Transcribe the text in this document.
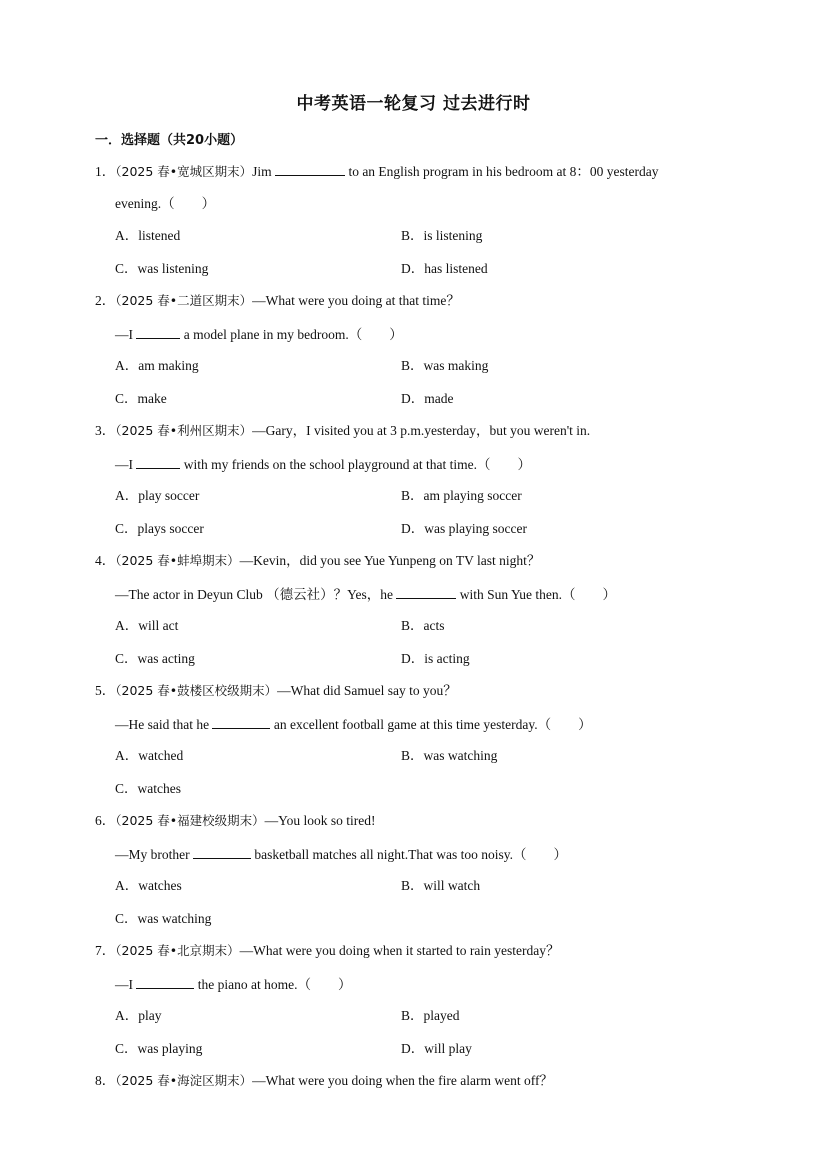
中考英语一轮复习 过去进行时
一．选择题（共20小题）
1．（2025 春•宽城区期末）Jim	to an English program in his bedroom at 8：00 yesterday
evening.（　　）
A．listened	B．is listening
C．was listening	D．has listened
2．（2025 春•二道区期末）—What were you doing at that time？
—I	a model plane in my bedroom.（　　）
A．am making	B．was making
C．make	D．made
3．（2025 春•利州区期末）—Gary，I visited you at 3 p.m.yesterday，but you weren't in.
—I	with my friends on the school playground at that time.（　　）
A．play soccer	B．am playing soccer
C．plays soccer	D．was playing soccer
4．（2025 春•蚌埠期末）—Kevin，did you see Yue Yunpeng on TV last night？
—The actor in Deyun Club （德云社）？Yes，he	with Sun Yue then.（　　）
A．will act	B．acts
C．was acting	D．is acting
5．（2025 春•鼓楼区校级期末）—What did Samuel say to you？
—He said that he	an excellent football game at this time yesterday.（　　）
A．watched	B．was watching
C．watches
6．（2025 春•福建校级期末）—You look so tired!
—My brother	basketball matches all night.That was too noisy.（　　）
A．watches	B．will watch
C．was watching
7．（2025 春•北京期末）—What were you doing when it started to rain yesterday？
—I	the piano at home.（　　）
A．play	B．played
C．was playing	D．will play
8．（2025 春•海淀区期末）—What were you doing when the fire alarm went off？
